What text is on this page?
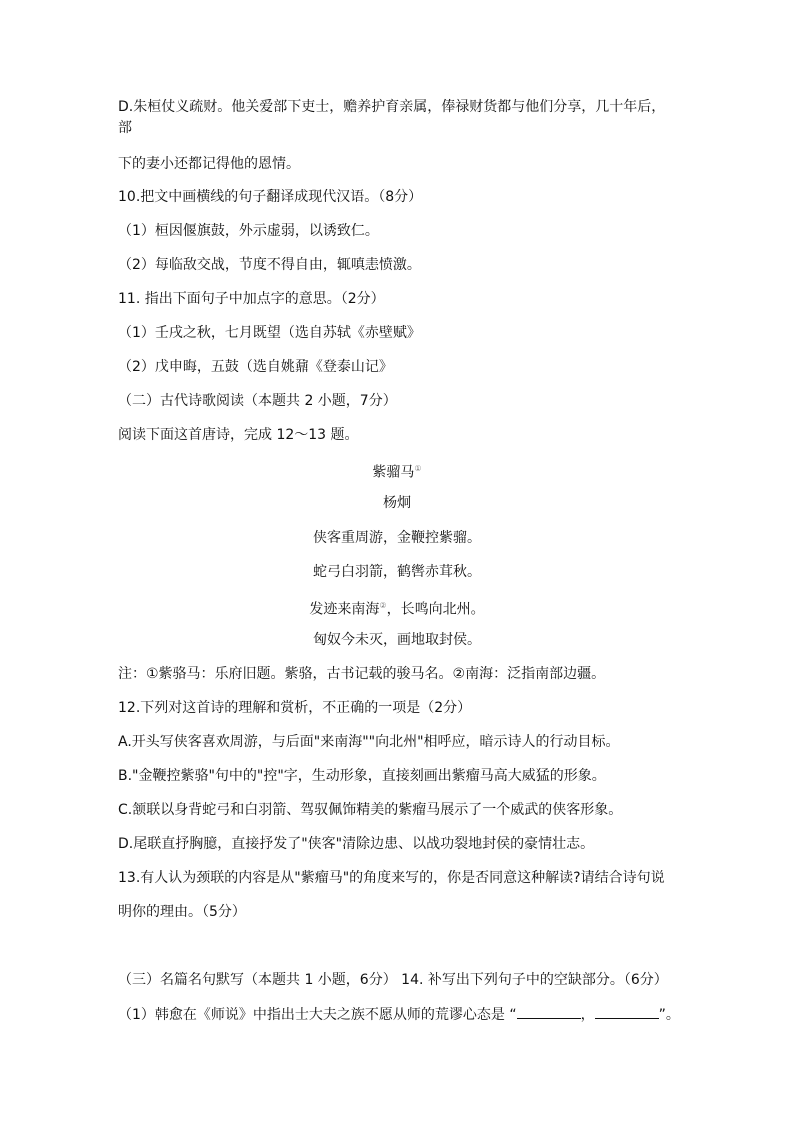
D.朱桓仗义疏财。他关爱部下吏士，赡养护育亲属，俸禄财货都与他们分享，几十年后，
部
下的妻小还都记得他的恩情。
10.把文中画横线的句子翻译成现代汉语。（8分）
（1）桓因偃旗鼓，外示虚弱，以诱致仁。
（2）每临敌交战，节度不得自由，辄嗔恚愤激。
11. 指出下面句子中加点字的意思。（2分）
（1）壬戌之秋，七月既望（选自苏轼《赤壁赋》
（2）戊申晦，五鼓（选自姚鼐《登泰山记》
（二）古代诗歌阅读（本题共 2 小题，7分）
阅读下面这首唐诗，完成 12～13 题。
紫骝马①
杨炯
侠客重周游，金鞭控紫骝。
蛇弓白羽箭，鹤辔赤茸秋。
发迹来南海②，长鸣向北州。
匈奴今未灭，画地取封侯。
注：①紫骆马：乐府旧题。紫骆，古书记载的骏马名。②南海：泛指南部边疆。
12.下列对这首诗的理解和赏析，不正确的一项是（2分）
A.开头写侠客喜欢周游，与后面"来南海""向北州"相呼应，暗示诗人的行动目标。
B."金鞭控紫骆"句中的"控"字，生动形象，直接刻画出紫瘤马高大威猛的形象。
C.颔联以身背蛇弓和白羽箭、驾驭佩饰精美的紫瘤马展示了一个威武的侠客形象。
D.尾联直抒胸臆，直接抒发了"侠客"清除边患、以战功裂地封侯的豪情壮志。
13.有人认为颈联的内容是从"紫瘤马"的角度来写的，你是否同意这种解读?请结合诗句说
明你的理由。（5分）
（三）名篇名句默写（本题共 1 小题，6分） 14. 补写出下列句子中的空缺部分。（6分）
（1）韩愈在《师说》中指出士大夫之族不愿从师的荒谬心态是 “	，	”。
